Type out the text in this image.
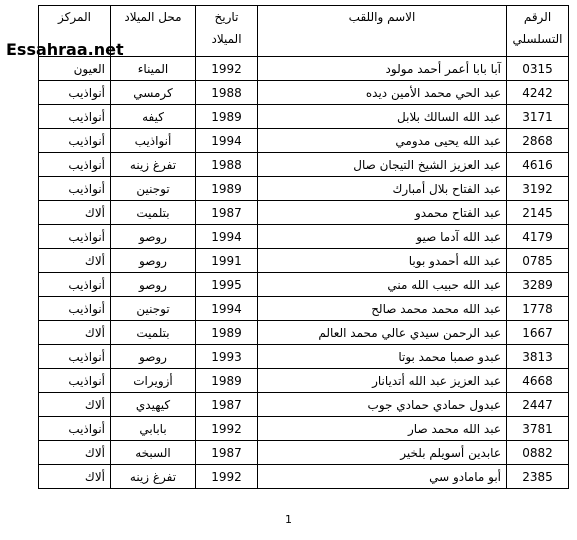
Essahraa.net
الرقم التسلسلي	الاسم واللقب	تاريخ الميلاد	محل الميلاد	المركز
0315	آبا بابا أعمر أحمد مولود	1992	الميناء	العيون
4242	عبد الحي محمد الأمين ديده	1988	كرمسي	أنواذيب
3171	عبد الله السالك بلابل	1989	كيفه	أنواذيب
2868	عبد الله يحيى مدومي	1994	أنواذيب	أنواذيب
4616	عبد العزيز الشيخ التيجان صال	1988	تفرغ زينه	أنواذيب
3192	عبد الفتاح بلال أمبارك	1989	توجنين	أنواذيب
2145	عبد الفتاح محمدو	1987	بتلميت	ألاك
4179	عبد الله آدما صيو	1994	روصو	أنواذيب
0785	عبد الله أحمدو بوبا	1991	روصو	ألاك
3289	عبد الله حبيب الله مني	1995	روصو	أنواذيب
1778	عبد الله محمد محمد صالح	1994	توجنين	أنواذيب
1667	عبد الرحمن سيدي عالي محمد العالم	1989	بتلميت	ألاك
3813	عبدو صمبا محمد بوتا	1993	روصو	أنواذيب
4668	عبد العزيز عبد الله أتديانار	1989	أزويرات	أنواذيب
2447	عبدول حمادي حمادي جوب	1987	كيهيدي	ألاك
3781	عبد الله محمد صار	1992	بابابي	أنواذيب
0882	عابدين أسويلم بلخير	1987	السبخه	ألاك
2385	أبو مامادو سي	1992	تفرغ زينه	ألاك
1
